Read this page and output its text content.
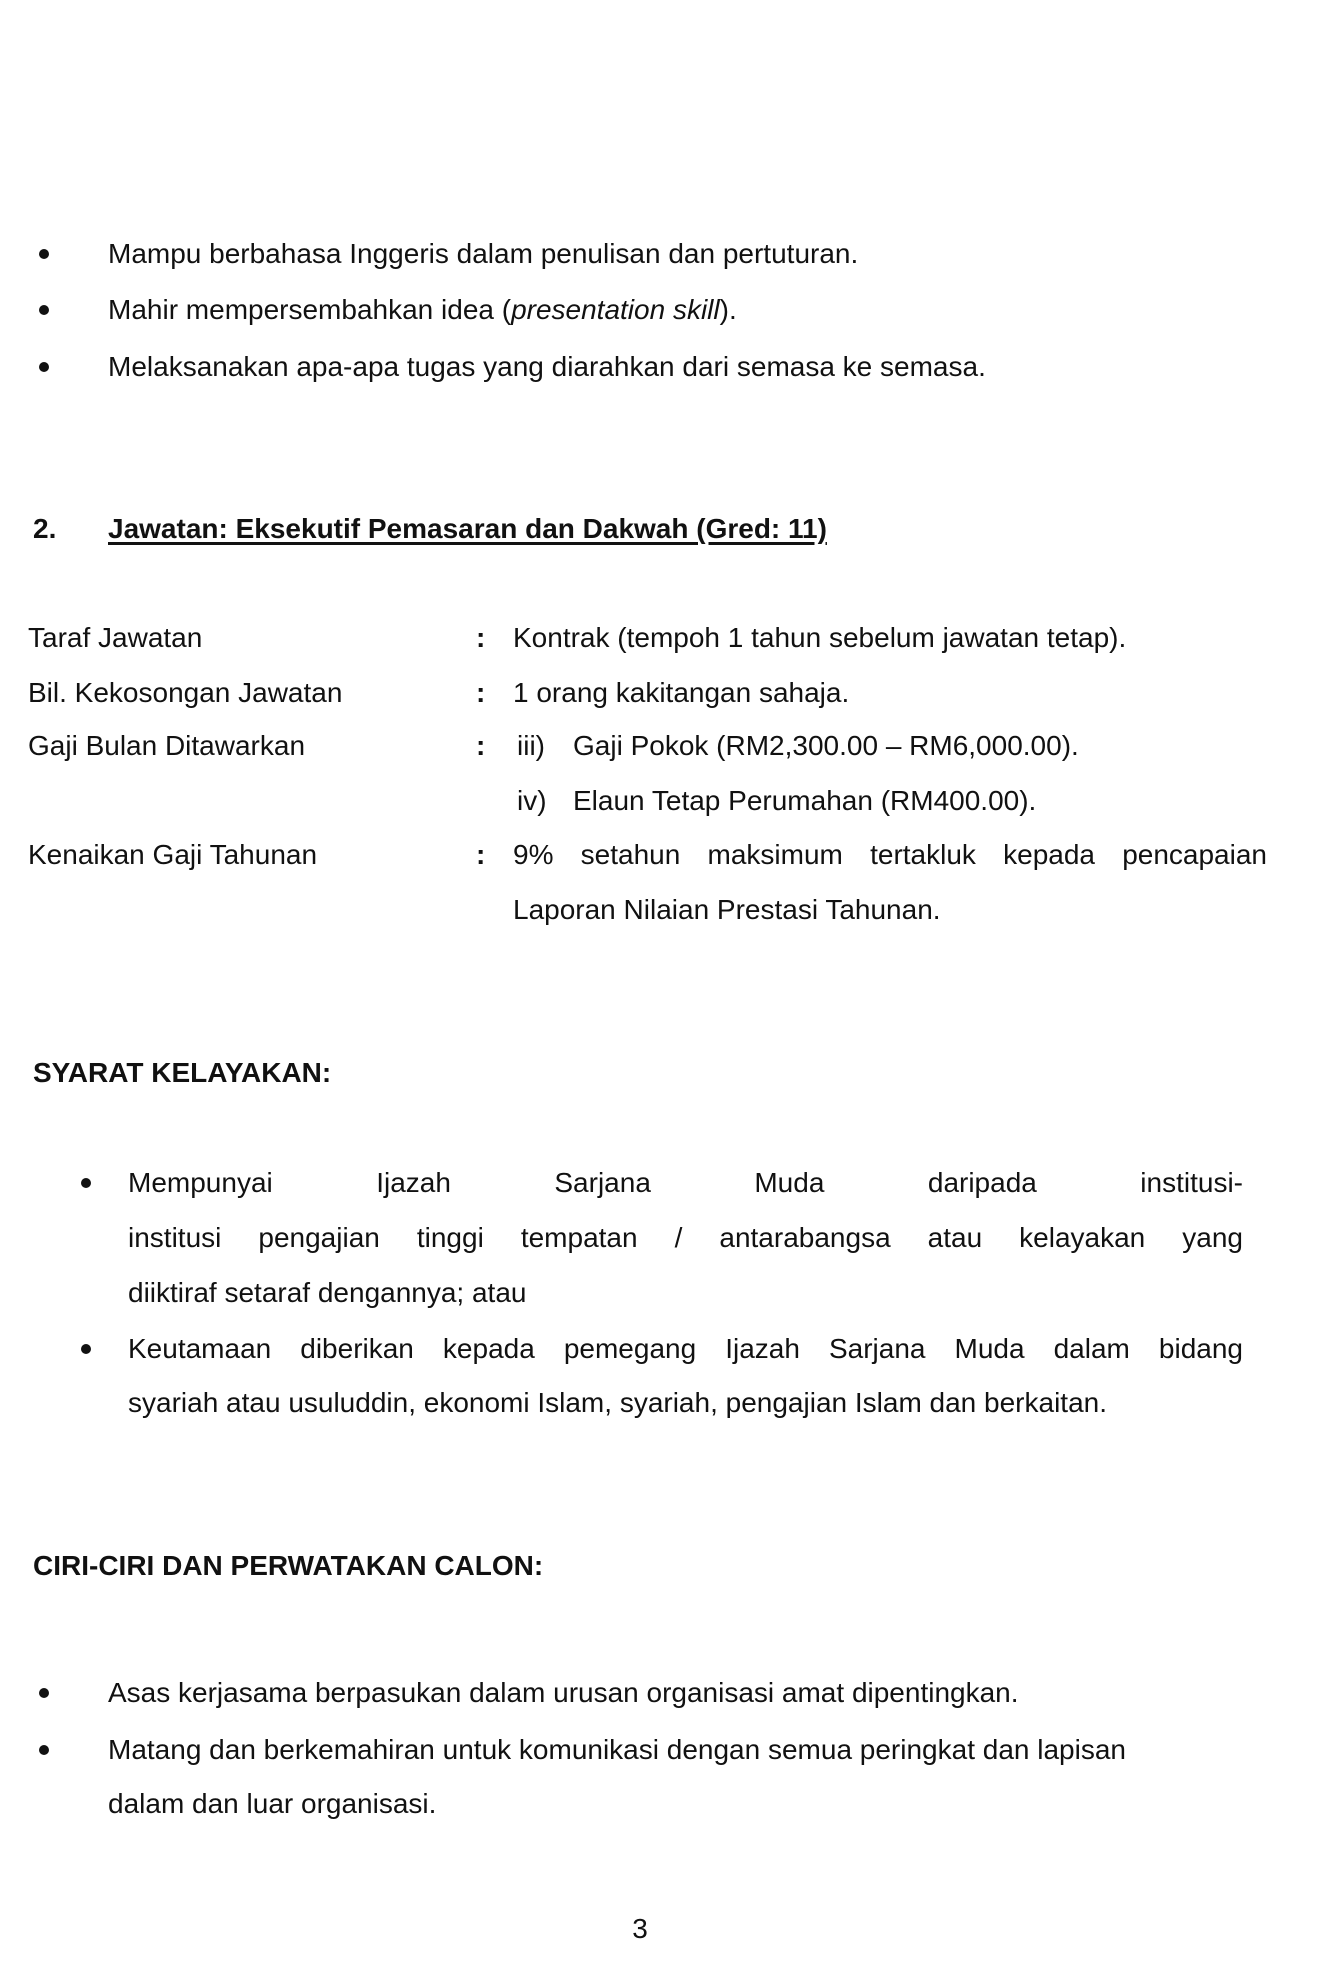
Mampu berbahasa Inggeris dalam penulisan dan pertuturan.
Mahir mempersembahkan idea (presentation skill).
Melaksanakan apa-apa tugas yang diarahkan dari semasa ke semasa.
2. Jawatan: Eksekutif Pemasaran dan Dakwah (Gred: 11)
Taraf Jawatan	: Kontrak (tempoh 1 tahun sebelum jawatan tetap).
Bil. Kekosongan Jawatan	: 1 orang kakitangan sahaja.
Gaji Bulan Ditawarkan	: iii) Gaji Pokok (RM2,300.00 – RM6,000.00).
iv) Elaun Tetap Perumahan (RM400.00).
Kenaikan Gaji Tahunan	: 9% setahun maksimum tertakluk kepada pencapaian
Laporan Nilaian Prestasi Tahunan.
SYARAT KELAYAKAN:
Mempunyai Ijazah Sarjana Muda daripada institusi-
institusi pengajian tinggi tempatan / antarabangsa atau kelayakan yang
diiktiraf setaraf dengannya; atau
Keutamaan diberikan kepada pemegang Ijazah Sarjana Muda dalam bidang
syariah atau usuluddin, ekonomi Islam, syariah, pengajian Islam dan berkaitan.
CIRI-CIRI DAN PERWATAKAN CALON:
Asas kerjasama berpasukan dalam urusan organisasi amat dipentingkan.
Matang dan berkemahiran untuk komunikasi dengan semua peringkat dan lapisan
dalam dan luar organisasi.
3
